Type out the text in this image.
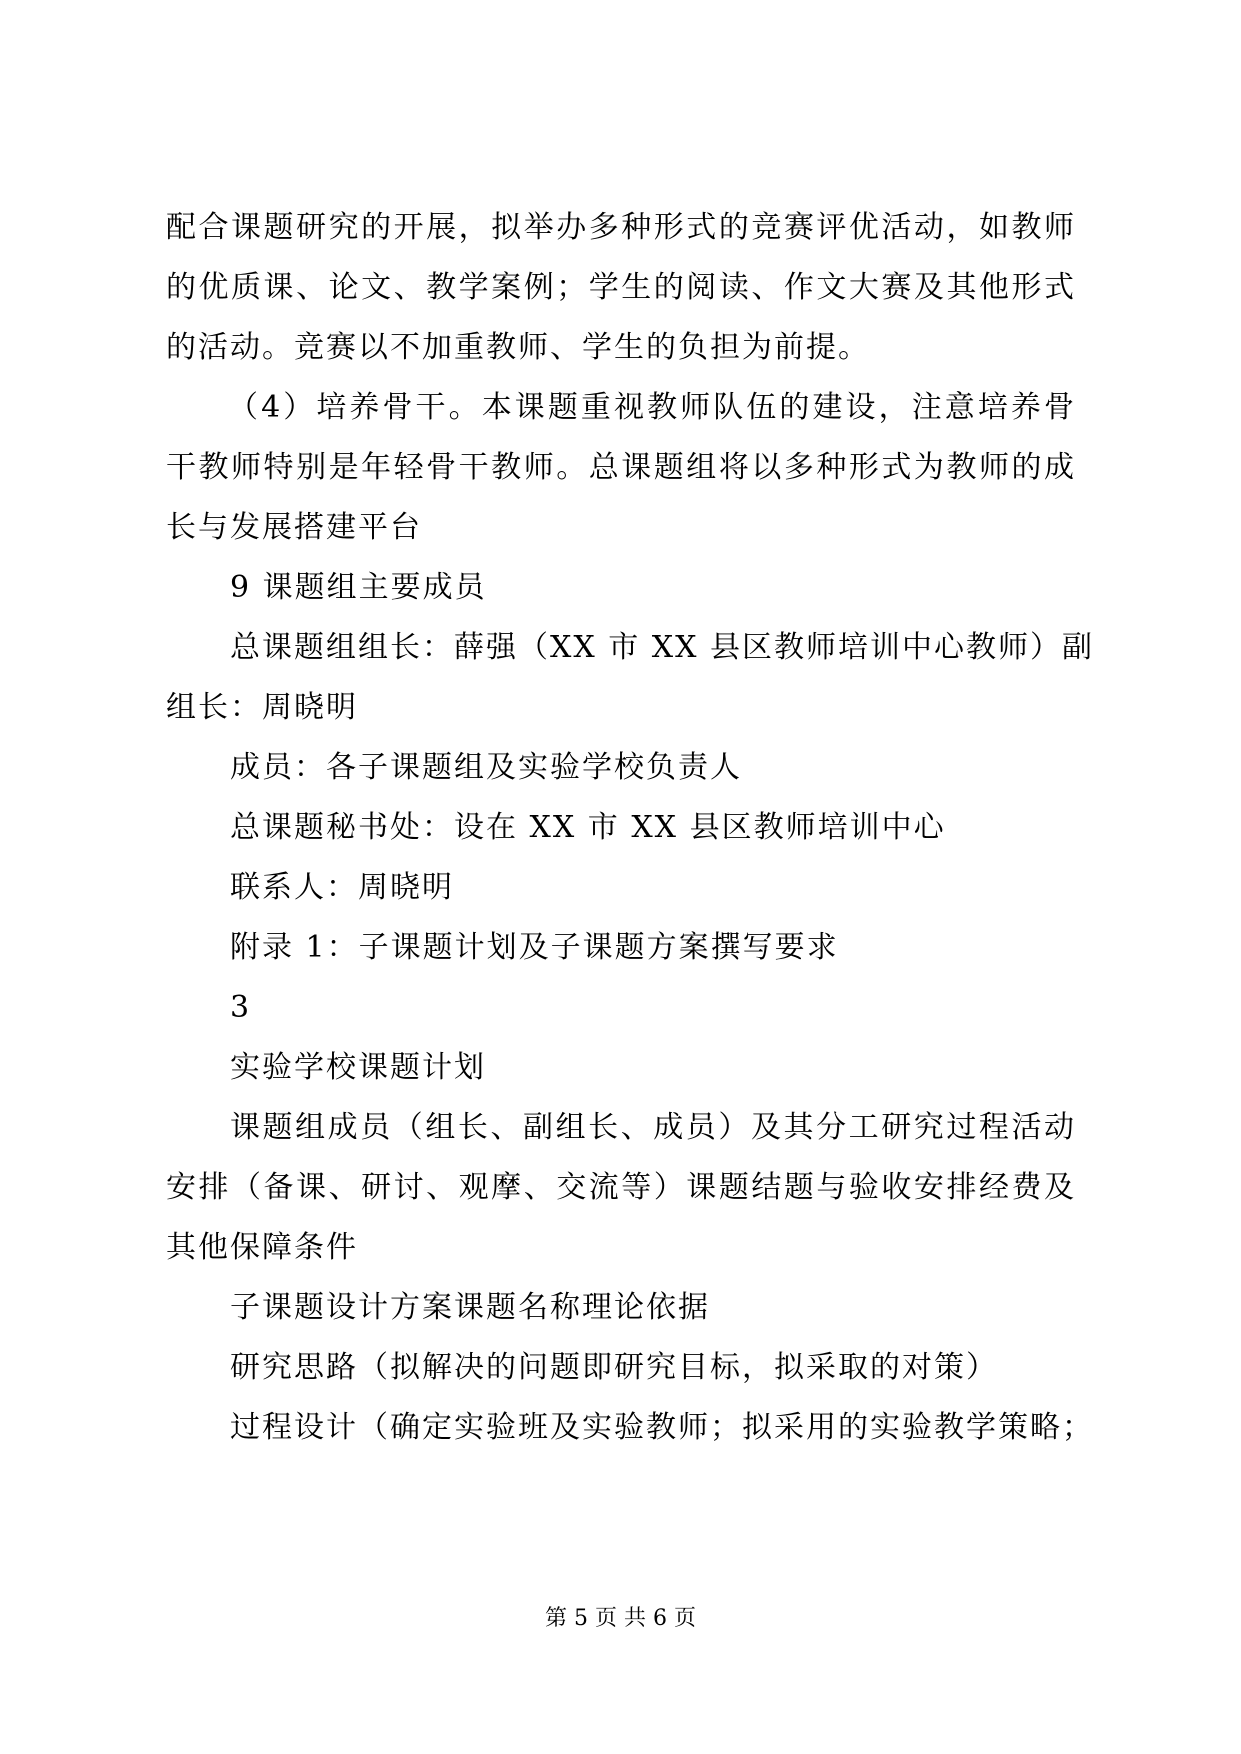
配合课题研究的开展，拟举办多种形式的竞赛评优活动，如教师

的优质课、论文、教学案例；学生的阅读、作文大赛及其他形式

的活动。竞赛以不加重教师、学生的负担为前提。

（4）培养骨干。本课题重视教师队伍的建设，注意培养骨

干教师特别是年轻骨干教师。总课题组将以多种形式为教师的成

长与发展搭建平台

9 课题组主要成员

总课题组组长：薛强（XX 市 XX 县区教师培训中心教师）副

组长：周晓明

成员：各子课题组及实验学校负责人

总课题秘书处：设在 XX 市 XX 县区教师培训中心

联系人：周晓明

附录 1：子课题计划及子课题方案撰写要求

3

实验学校课题计划

课题组成员（组长、副组长、成员）及其分工研究过程活动

安排（备课、研讨、观摩、交流等）课题结题与验收安排经费及

其他保障条件

子课题设计方案课题名称理论依据

研究思路（拟解决的问题即研究目标，拟采取的对策）

过程设计（确定实验班及实验教师；拟采用的实验教学策略；

第 5 页 共 6 页
